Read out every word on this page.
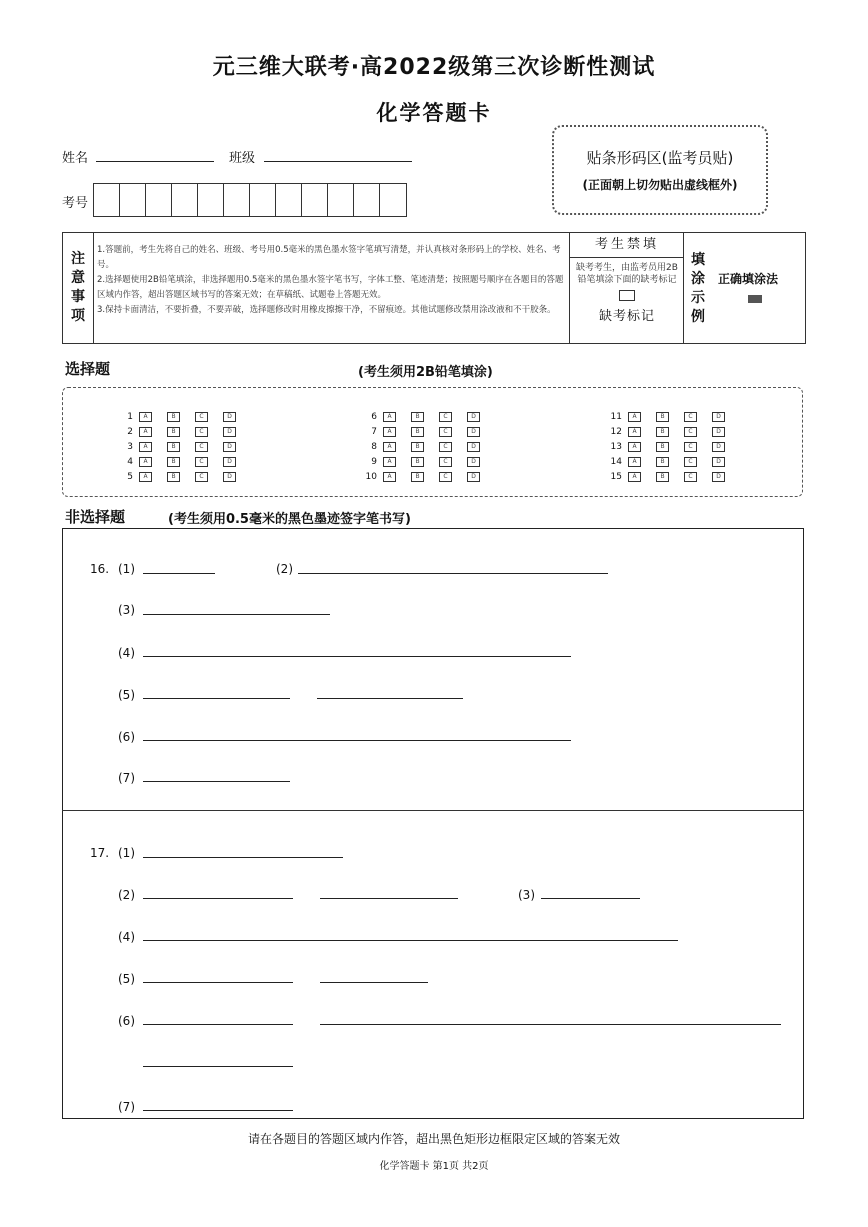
元三维大联考·高2022级第三次诊断性测试
化学答题卡
姓名	班级
考号
贴条形码区(监考员贴)
(正面朝上切勿贴出虚线框外)
注
意
事
项
1.答题前，考生先将自己的姓名、班级、考号用0.5毫米的黑色墨水签字笔填写清楚，并认真核对条形码上的学校、姓名、考号。
2.选择题使用2B铅笔填涂，非选择题用0.5毫米的黑色墨水签字笔书写，字体工整、笔迹清楚；按照题号顺序在各题目的答题区域内作答，超出答题区域书写的答案无效；在草稿纸、试题卷上答题无效。
3.保持卡面清洁，不要折叠，不要弄破，选择题修改时用橡皮擦擦干净，不留痕迹。其他试题修改禁用涂改液和不干胶条。
考生禁填
缺考考生，由监考员用2B铅笔填涂下面的缺考标记
缺考标记
填
涂
示
例
正确填涂法
选择题	(考生须用2B铅笔填涂)
1	A	B	C	D
2	A	B	C	D
3	A	B	C	D
4	A	B	C	D
5	A	B	C	D
6	A	B	C	D
7	A	B	C	D
8	A	B	C	D
9	A	B	C	D
10	A	B	C	D
11	A	B	C	D
12	A	B	C	D
13	A	B	C	D
14	A	B	C	D
15	A	B	C	D
非选择题	(考生须用0.5毫米的黑色墨迹签字笔书写)
16. (1)	(2)
(3)
(4)
(5)
(6)
(7)
17. (1)
(2)	(3)
(4)
(5)
(6)
(7)
请在各题目的答题区域内作答，超出黑色矩形边框限定区域的答案无效
化学答题卡 第1页 共2页
